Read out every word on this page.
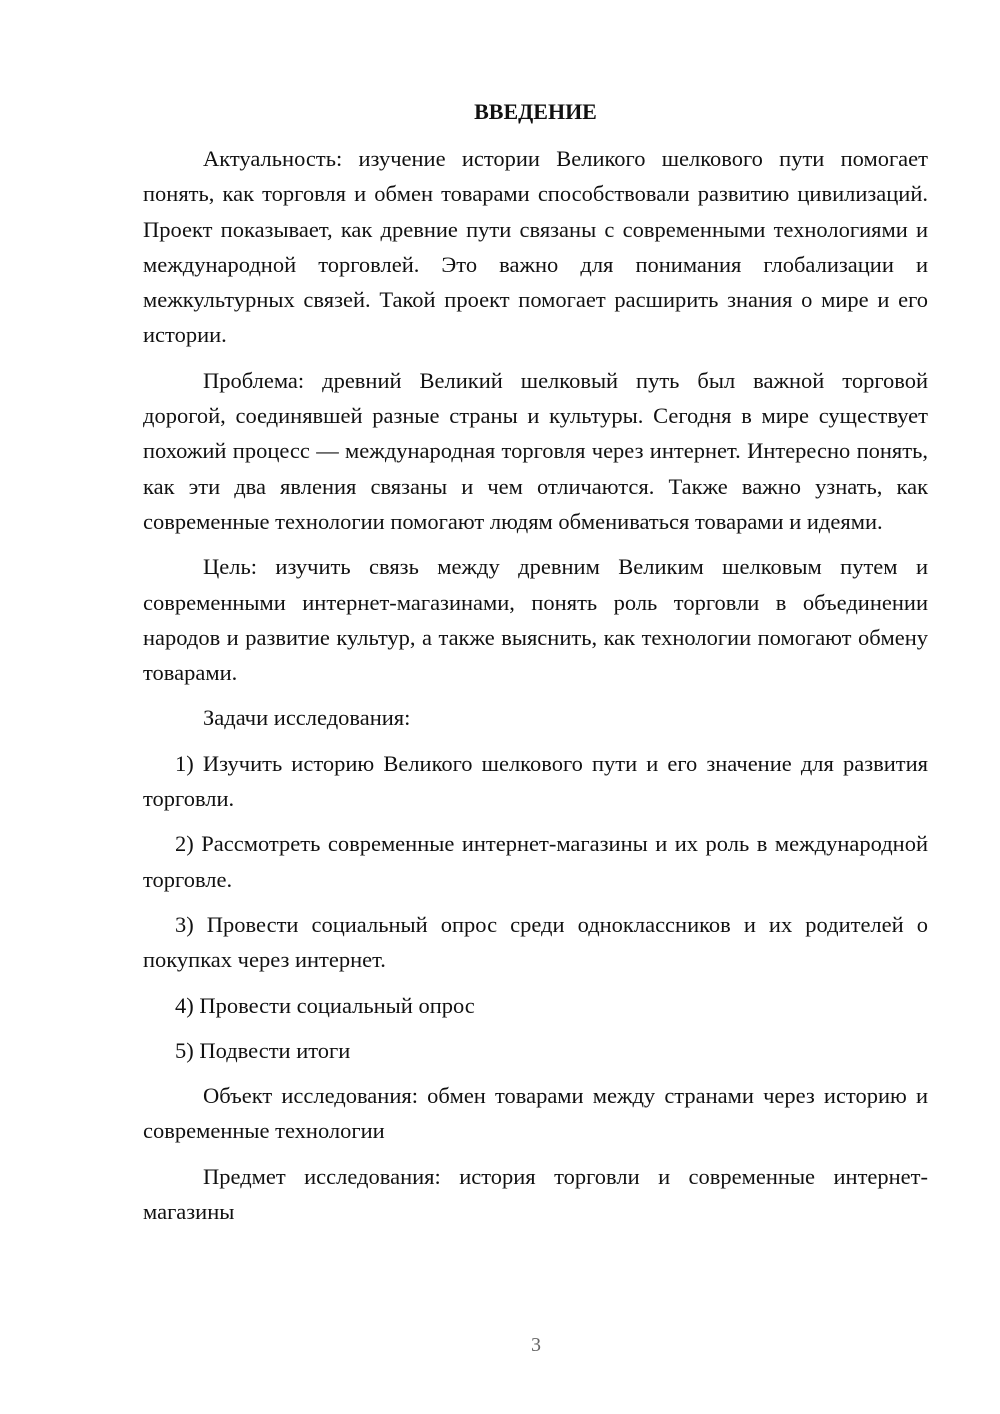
ВВЕДЕНИЕ

Актуальность: изучение истории Великого шелкового пути помогает понять, как торговля и обмен товарами способствовали развитию цивилизаций. Проект показывает, как древние пути связаны с современными технологиями и международной торговлей. Это важно для понимания глобализации и межкультурных связей. Такой проект помогает расширить знания о мире и его истории.

Проблема: древний Великий шелковый путь был важной торговой дорогой, соединявшей разные страны и культуры. Сегодня в мире существует похожий процесс — международная торговля через интернет. Интересно понять, как эти два явления связаны и чем отличаются. Также важно узнать, как современные технологии помогают людям обмениваться товарами и идеями.

Цель: изучить связь между древним Великим шелковым путем и современными интернет-магазинами, понять роль торговли в объединении народов и развитие культур, а также выяснить, как технологии помогают обмену товарами.

Задачи исследования:

1) Изучить историю Великого шелкового пути и его значение для развития торговли.

2) Рассмотреть современные интернет-магазины и их роль в международной торговле.

3) Провести социальный опрос среди одноклассников и их родителей о покупках через интернет.

4) Провести социальный опрос

5) Подвести итоги

Объект исследования: обмен товарами между странами через историю и современные технологии

Предмет исследования: история торговли и современные интернет-магазины

3
